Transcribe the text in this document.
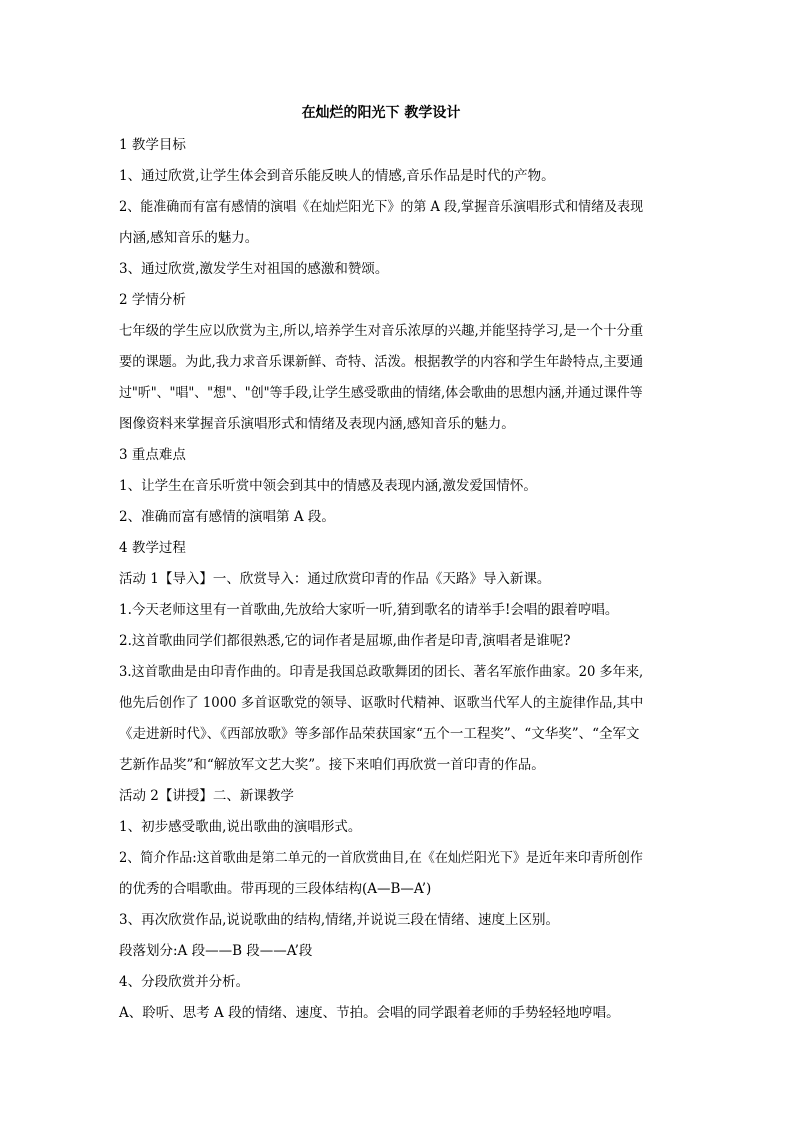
在灿烂的阳光下 教学设计

1 教学目标

1、通过欣赏,让学生体会到音乐能反映人的情感,音乐作品是时代的产物。

2、能准确而有富有感情的演唱《在灿烂阳光下》的第 A 段,掌握音乐演唱形式和情绪及表现

内涵,感知音乐的魅力。

3、通过欣赏,激发学生对祖国的感激和赞颂。

2 学情分析

七年级的学生应以欣赏为主,所以,培养学生对音乐浓厚的兴趣,并能坚持学习,是一个十分重

要的课题。为此,我力求音乐课新鲜、奇特、活泼。根据教学的内容和学生年龄特点,主要通

过"听"、"唱"、"想"、"创"等手段,让学生感受歌曲的情绪,体会歌曲的思想内涵,并通过课件等

图像资料来掌握音乐演唱形式和情绪及表现内涵,感知音乐的魅力。

3 重点难点

1、让学生在音乐听赏中领会到其中的情感及表现内涵,激发爱国情怀。

2、准确而富有感情的演唱第 A 段。

4 教学过程

活动 1【导入】一、欣赏导入：通过欣赏印青的作品《天路》导入新课。

1.今天老师这里有一首歌曲,先放给大家听一听,猜到歌名的请举手!会唱的跟着哼唱。

2.这首歌曲同学们都很熟悉,它的词作者是屈塬,曲作者是印青,演唱者是谁呢?

3.这首歌曲是由印青作曲的。印青是我国总政歌舞团的团长、著名军旅作曲家。20 多年来,

他先后创作了 1000 多首讴歌党的领导、讴歌时代精神、讴歌当代军人的主旋律作品,其中

《走进新时代》、《西部放歌》等多部作品荣获国家“五个一工程奖”、“文华奖”、“全军文

艺新作品奖”和“解放军文艺大奖”。接下来咱们再欣赏一首印青的作品。

活动 2【讲授】二、新课教学

1、初步感受歌曲,说出歌曲的演唱形式。

2、简介作品:这首歌曲是第二单元的一首欣赏曲目,在《在灿烂阳光下》是近年来印青所创作

的优秀的合唱歌曲。带再现的三段体结构(A—B—A’)

3、再次欣赏作品,说说歌曲的结构,情绪,并说说三段在情绪、速度上区别。

段落划分:A 段——B 段——A’段

4、分段欣赏并分析。

A、聆听、思考 A 段的情绪、速度、节拍。会唱的同学跟着老师的手势轻轻地哼唱。
